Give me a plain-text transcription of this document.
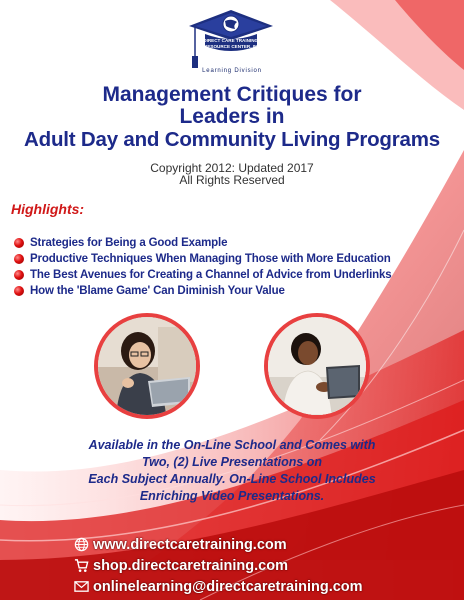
DIRECT CARE TRAINING &
RESOURCE CENTER, INC.
Learning Division
Management Critiques for
Leaders in
Adult Day and Community Living Programs
Copyright 2012: Updated 2017
All Rights Reserved
Highlights:
Strategies for Being a Good Example
Productive Techniques When Managing Those with More Education
The Best Avenues for Creating a Channel of Advice from Underlinks
How the 'Blame Game' Can Diminish Your Value
Available in the On-Line School and Comes with
Two, (2) Live Presentations on
Each Subject Annually. On-Line School Includes
Enriching Video Presentations.
www.directcaretraining.com
shop.directcaretraining.com
onlinelearning@directcaretraining.com
